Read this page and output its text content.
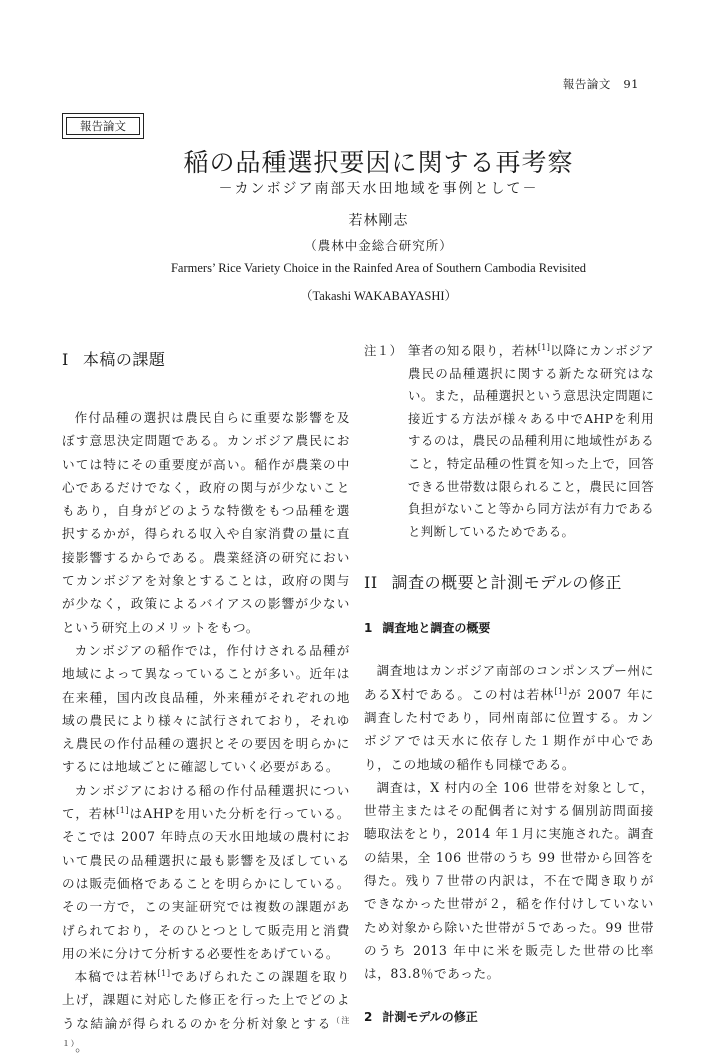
報告論文 91
報告論文
稲の品種選択要因に関する再考察
－カンボジア南部天水田地域を事例として－
若林剛志
（農林中金総合研究所）
Farmers’ Rice Variety Choice in the Rainfed Area of Southern Cambodia Revisited
（Takashi WAKABAYASHI）
I 本稿の課題

作付品種の選択は農民自らに重要な影響を及ぼす意思決定問題である。カンボジア農民においては特にその重要度が高い。稲作が農業の中心であるだけでなく，政府の関与が少ないこともあり，自身がどのような特徴をもつ品種を選択するかが，得られる収入や自家消費の量に直接影響するからである。農業経済の研究においてカンボジアを対象とすることは，政府の関与が少なく，政策によるバイアスの影響が少ないという研究上のメリットをもつ。

カンボジアの稲作では，作付けされる品種が地域によって異なっていることが多い。近年は在来種，国内改良品種，外来種がそれぞれの地域の農民により様々に試行されており，それゆえ農民の作付品種の選択とその要因を明らかにするには地域ごとに確認していく必要がある。

カンボジアにおける稲の作付品種選択について，若林[1]はAHPを用いた分析を行っている。そこでは 2007 年時点の天水田地域の農村において農民の品種選択に最も影響を及ぼしているのは販売価格であることを明らかにしている。その一方で，この実証研究では複数の課題があげられており，そのひとつとして販売用と消費用の米に分けて分析する必要性をあげている。

本稿では若林[1]であげられたこの課題を取り上げ，課題に対応した修正を行った上でどのような結論が得られるのかを分析対象とする$^{(注1)}$。

注１） 筆者の知る限り，若林[1]以降にカンボジア農民の品種選択に関する新たな研究はない。また，品種選択という意思決定問題に接近する方法が様々ある中でAHPを利用するのは，農民の品種利用に地域性があること，特定品種の性質を知った上で，回答できる世帯数は限られること，農民に回答負担がないこと等から同方法が有力であると判断しているためである。
II 調査の概要と計測モデルの修正
1 調査地と調査の概要

調査地はカンボジア南部のコンポンスプー州にあるX村である。この村は若林[1]が 2007 年に調査した村であり，同州南部に位置する。カンボジアでは天水に依存した１期作が中心であり，この地域の稲作も同様である。

調査は，X 村内の全 106 世帯を対象として，世帯主またはその配偶者に対する個別訪問面接聴取法をとり，2014 年１月に実施された。調査の結果，全 106 世帯のうち 99 世帯から回答を得た。残り７世帯の内訳は，不在で聞き取りができなかった世帯が２，稲を作付けしていないため対象から除いた世帯が５であった。99 世帯のうち 2013 年中に米を販売した世帯の比率は，83.8％であった。

2 計測モデルの修正
